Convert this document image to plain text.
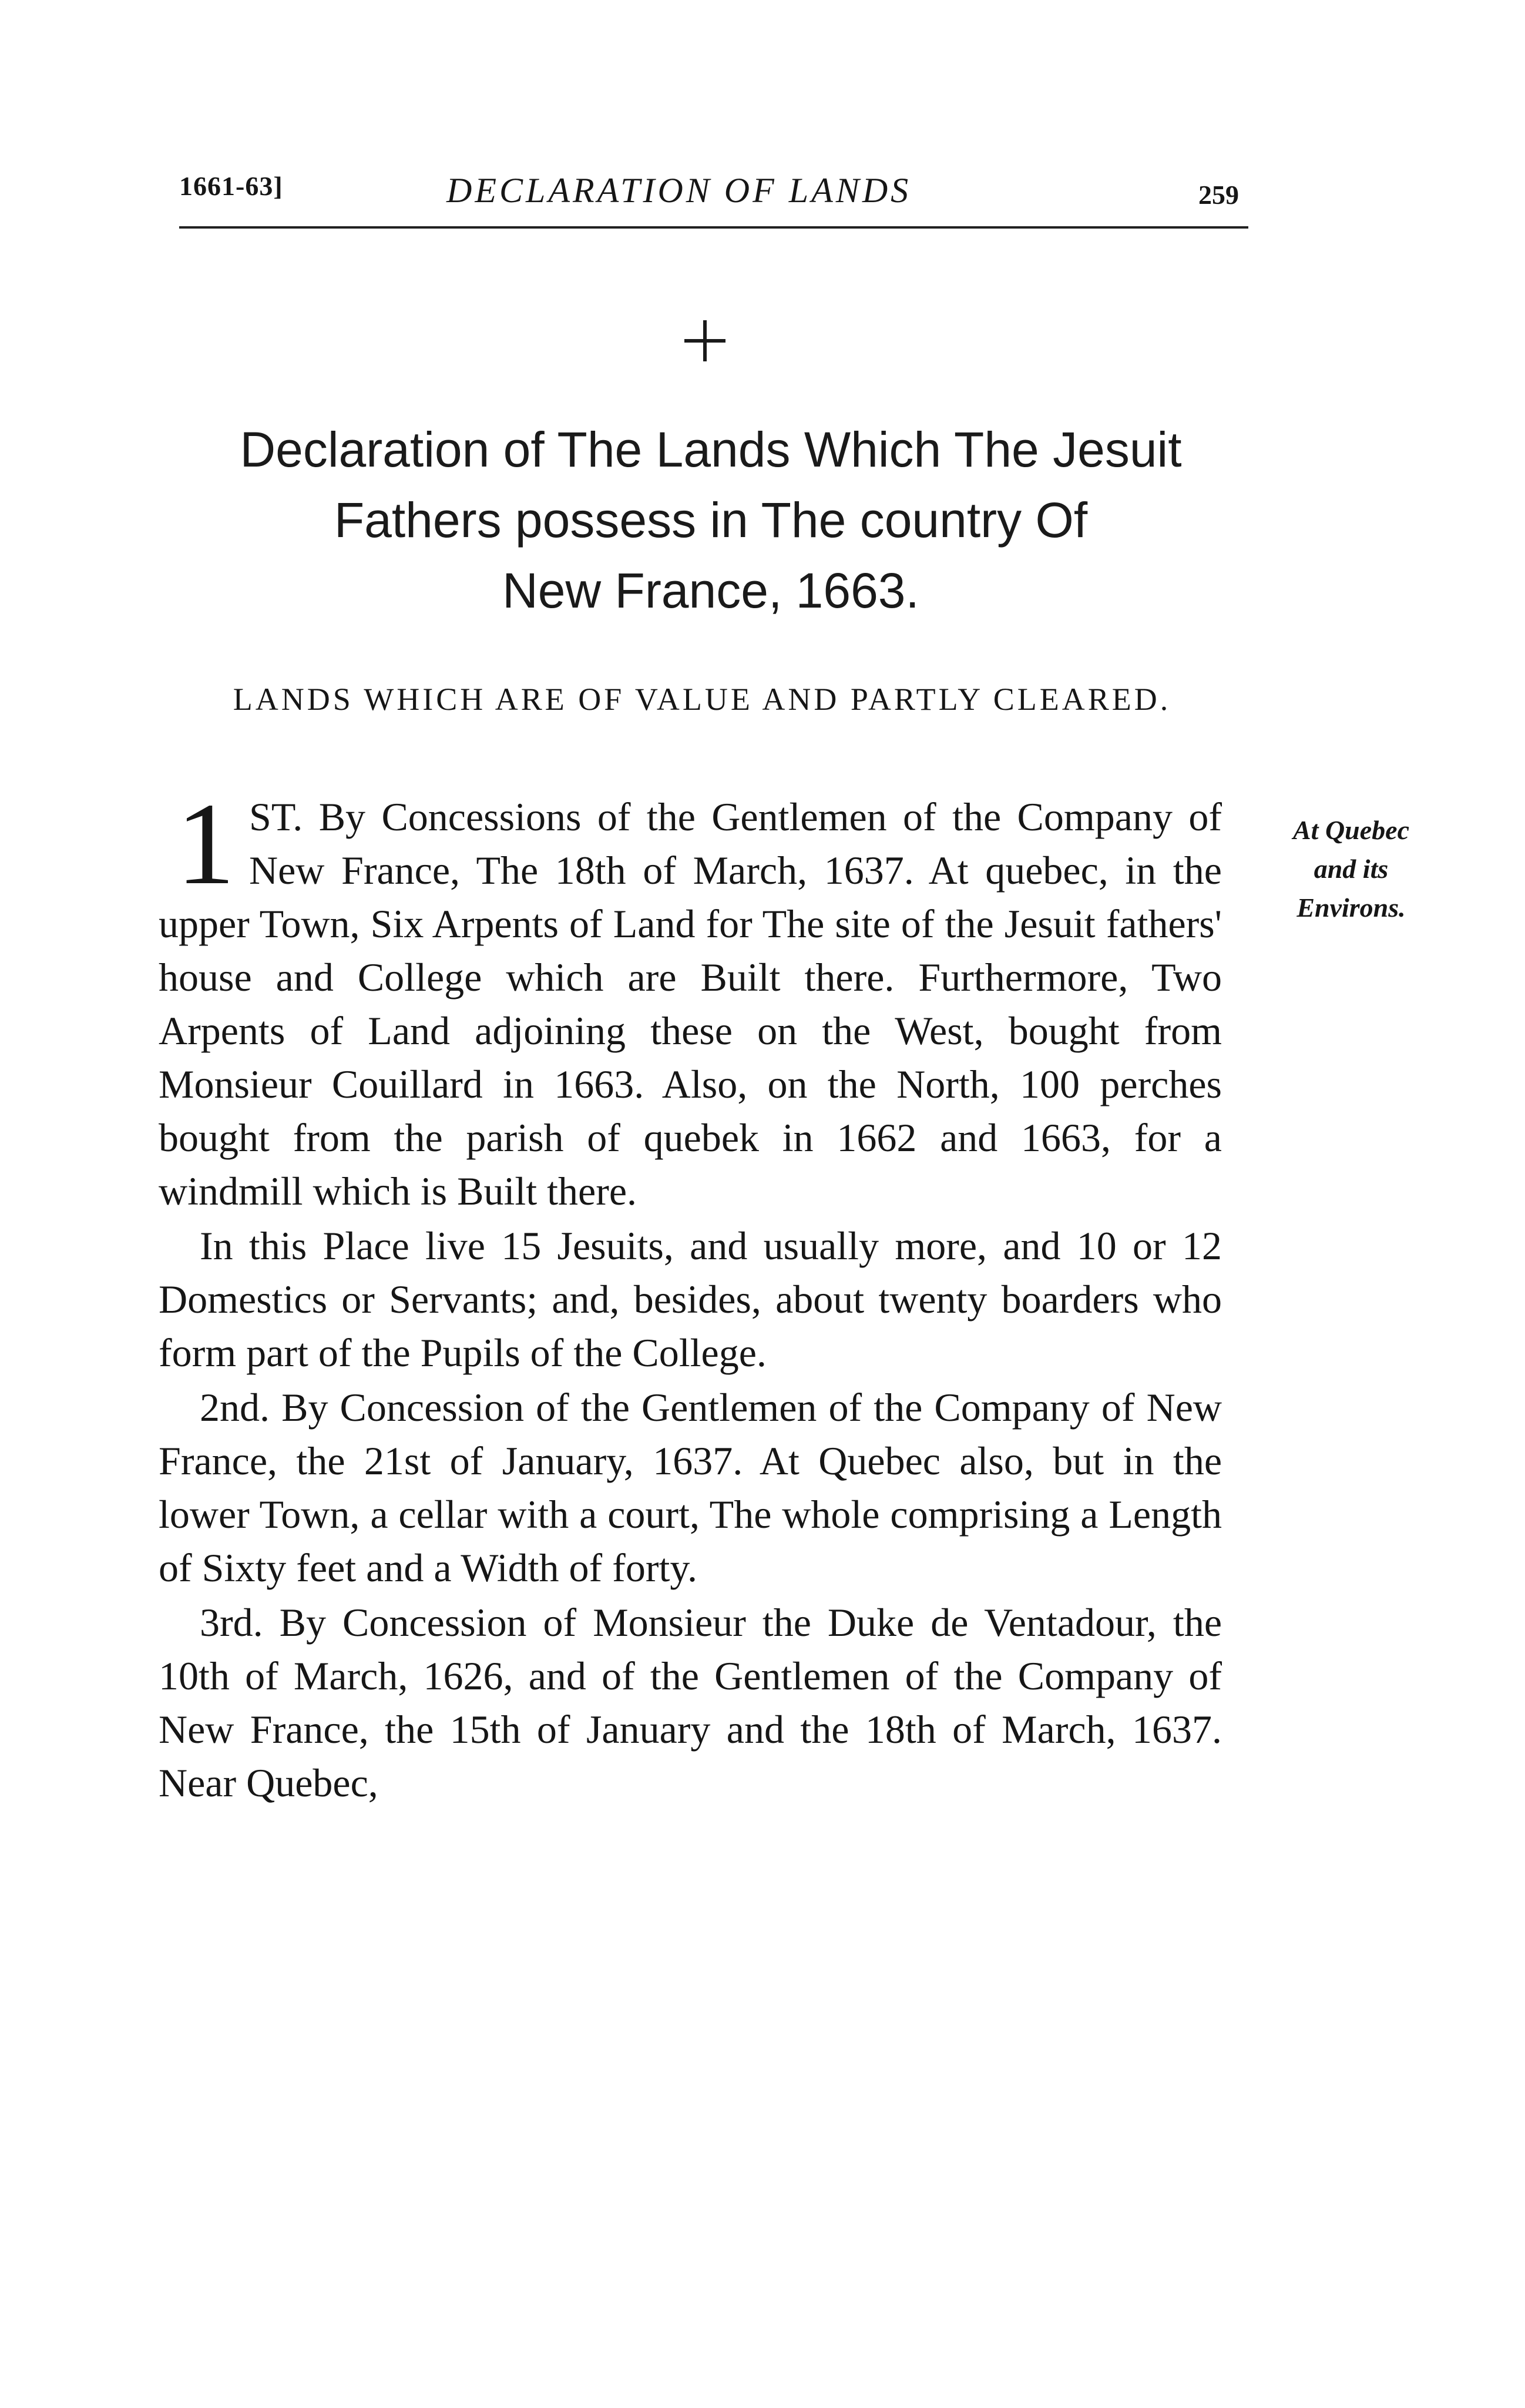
1661-63]	DECLARATION OF LANDS	259
Declaration of The Lands Which The Jesuit
Fathers possess in The country Of
New France, 1663.
LANDS WHICH ARE OF VALUE AND PARTLY CLEARED.
At Quebec
and its
Environs.

1 ST. By Concessions of the Gentlemen of the Company of New France, The 18th of March, 1637. At quebec, in the upper Town, Six Arpents of Land for The site of the Jesuit fathers' house and College which are Built there. Furthermore, Two Arpents of Land adjoining these on the West, bought from Monsieur Couillard in 1663. Also, on the North, 100 perches bought from the parish of quebek in 1662 and 1663, for a windmill which is Built there.

In this Place live 15 Jesuits, and usually more, and 10 or 12 Domestics or Servants; and, besides, about twenty boarders who form part of the Pupils of the College.

2nd. By Concession of the Gentlemen of the Company of New France, the 21st of January, 1637. At Quebec also, but in the lower Town, a cellar with a court, The whole comprising a Length of Sixty feet and a Width of forty.

3rd. By Concession of Monsieur the Duke de Ventadour, the 10th of March, 1626, and of the Gentlemen of the Company of New France, the 15th of January and the 18th of March, 1637. Near Quebec,
